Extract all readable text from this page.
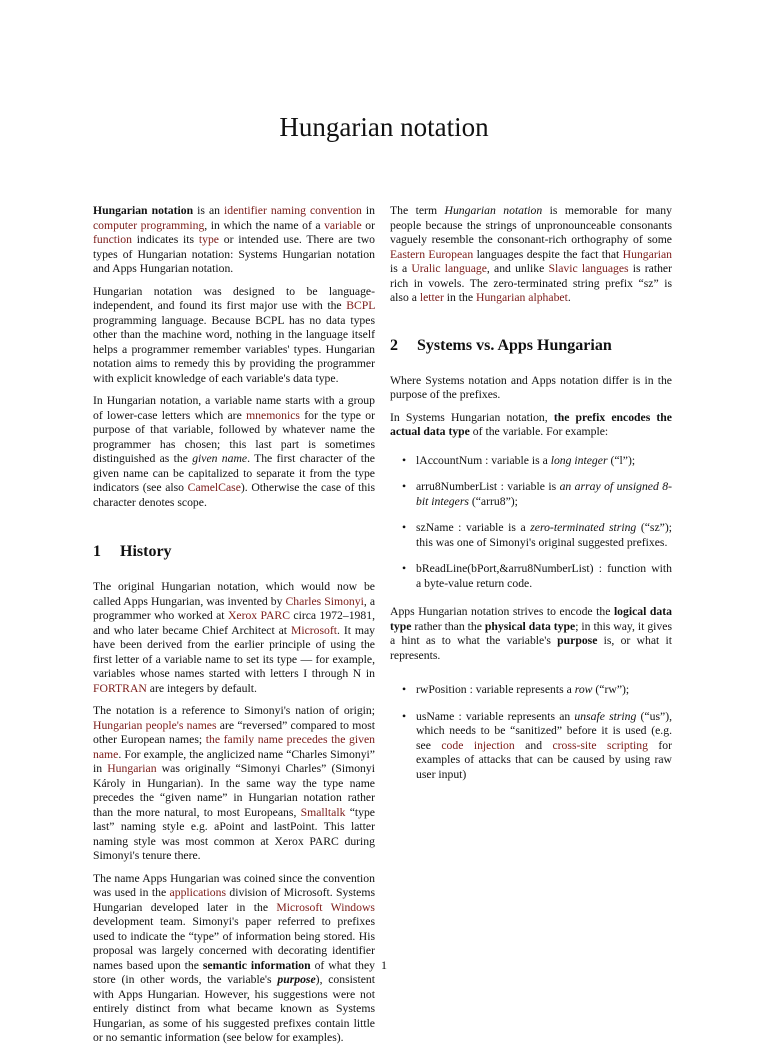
Hungarian notation

Hungarian notation is an identifier naming convention in computer programming, in which the name of a variable or function indicates its type or intended use. There are two types of Hungarian notation: Systems Hungarian notation and Apps Hungarian notation.

Hungarian notation was designed to be language-independent, and found its first major use with the BCPL programming language. Because BCPL has no data types other than the machine word, nothing in the language itself helps a programmer remember variables' types. Hungarian notation aims to remedy this by providing the programmer with explicit knowledge of each variable's data type.

In Hungarian notation, a variable name starts with a group of lower-case letters which are mnemonics for the type or purpose of that variable, followed by whatever name the programmer has chosen; this last part is sometimes distinguished as the given name. The first character of the given name can be capitalized to separate it from the type indicators (see also CamelCase). Otherwise the case of this character denotes scope.

1 History

The original Hungarian notation, which would now be called Apps Hungarian, was invented by Charles Simonyi, a programmer who worked at Xerox PARC circa 1972–1981, and who later became Chief Architect at Microsoft. It may have been derived from the earlier principle of using the first letter of a variable name to set its type — for example, variables whose names started with letters I through N in FORTRAN are integers by default.

The notation is a reference to Simonyi's nation of origin; Hungarian people's names are “reversed” compared to most other European names; the family name precedes the given name. For example, the anglicized name “Charles Simonyi” in Hungarian was originally “Simonyi Charles” (Simonyi Károly in Hungarian). In the same way the type name precedes the “given name” in Hungarian notation rather than the more natural, to most Europeans, Smalltalk “type last” naming style e.g. aPoint and lastPoint. This latter naming style was most common at Xerox PARC during Simonyi's tenure there.

The name Apps Hungarian was coined since the convention was used in the applications division of Microsoft. Systems Hungarian developed later in the Microsoft Windows development team. Simonyi's paper referred to prefixes used to indicate the “type” of information being stored. His proposal was largely concerned with decorating identifier names based upon the semantic information of what they store (in other words, the variable's purpose), consistent with Apps Hungarian. However, his suggestions were not entirely distinct from what became known as Systems Hungarian, as some of his suggested prefixes contain little or no semantic information (see below for examples).

The term Hungarian notation is memorable for many people because the strings of unpronounceable consonants vaguely resemble the consonant-rich orthography of some Eastern European languages despite the fact that Hungarian is a Uralic language, and unlike Slavic languages is rather rich in vowels. The zero-terminated string prefix “sz” is also a letter in the Hungarian alphabet.

2 Systems vs. Apps Hungarian

Where Systems notation and Apps notation differ is in the purpose of the prefixes.

In Systems Hungarian notation, the prefix encodes the actual data type of the variable. For example:

• lAccountNum : variable is a long integer (“l”);
• arru8NumberList : variable is an array of unsigned 8-bit integers (“arru8”);
• szName : variable is a zero-terminated string (“sz”); this was one of Simonyi's original suggested prefixes.
• bReadLine(bPort,&arru8NumberList) : function with a byte-value return code.

Apps Hungarian notation strives to encode the logical data type rather than the physical data type; in this way, it gives a hint as to what the variable's purpose is, or what it represents.

• rwPosition : variable represents a row (“rw”);
• usName : variable represents an unsafe string (“us”), which needs to be “sanitized” before it is used (e.g. see code injection and cross-site scripting for examples of attacks that can be caused by using raw user input)
1
